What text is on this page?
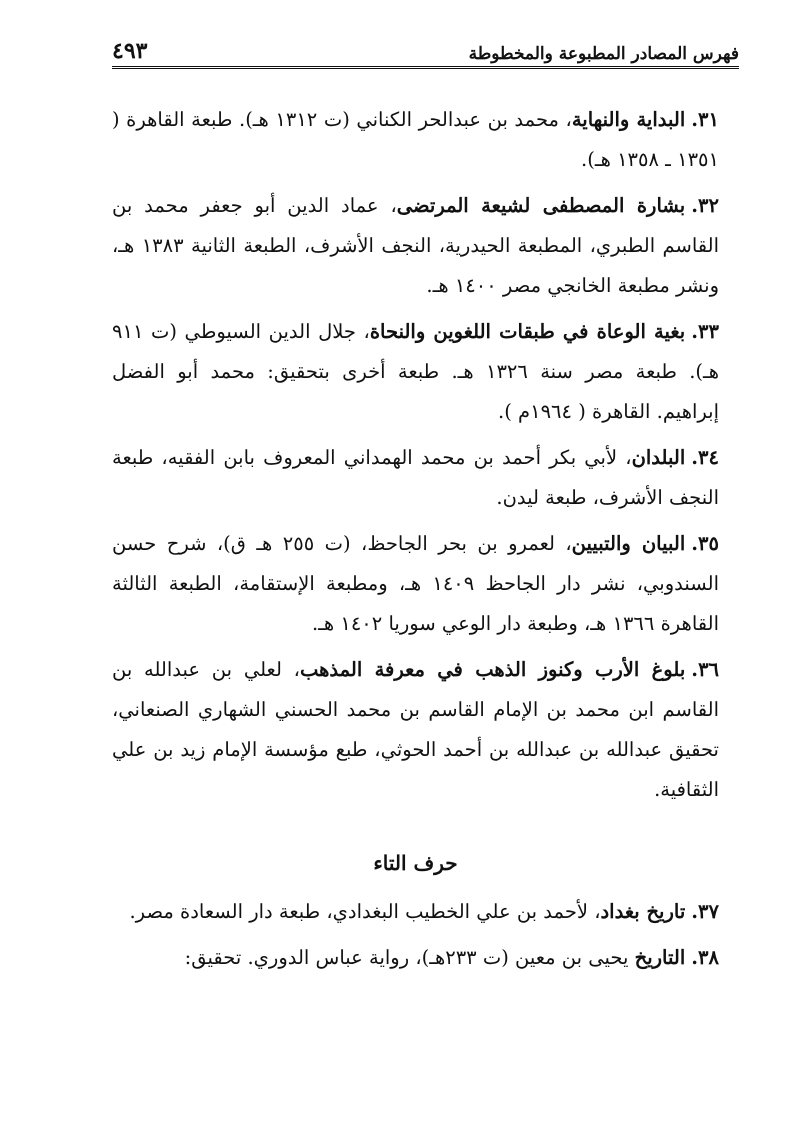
فهرس المصادر المطبوعة والمخطوطة
٤٩٣

٣١.البداية والنهاية، محمد بن عبدالحر الكناني (ت ١٣١٢ هـ). طبعة القاهرة ( ١٣٥١ ـ ١٣٥٨ هـ).

٣٢.بشارة المصطفى لشيعة المرتضى، عماد الدين أبو جعفر محمد بن القاسم الطبري، المطبعة الحيدرية، النجف الأشرف، الطبعة الثانية ١٣٨٣ هـ، ونشر مطبعة الخانجي مصر ١٤٠٠ هـ.

٣٣.بغية الوعاة في طبقات اللغوين والنحاة، جلال الدين السيوطي (ت ٩١١ هـ). طبعة مصر سنة ١٣٢٦ هـ. طبعة أخرى بتحقيق: محمد أبو الفضل إبراهيم. القاهرة ( ١٩٦٤م ).

٣٤.البلدان، لأبي بكر أحمد بن محمد الهمداني المعروف بابن الفقيه، طبعة النجف الأشرف، طبعة ليدن.

٣٥.البيان والتبيين، لعمرو بن بحر الجاحظ، (ت ٢٥٥ هـ ق)، شرح حسن السندوبي، نشر دار الجاحظ ١٤٠٩ هـ، ومطبعة الإستقامة، الطبعة الثالثة القاهرة ١٣٦٦ هـ، وطبعة دار الوعي سوريا ١٤٠٢ هـ.

٣٦.بلوغ الأرب وكنوز الذهب في معرفة المذهب، لعلي بن عبدالله بن القاسم ابن محمد بن الإمام القاسم بن محمد الحسني الشهاري الصنعاني، تحقيق عبدالله بن عبدالله بن أحمد الحوثي، طبع مؤسسة الإمام زيد بن علي الثقافية.

حرف التاء

٣٧.تاريخ بغداد، لأحمد بن علي الخطيب البغدادي، طبعة دار السعادة مصر.

٣٨.التاريخ يحيى بن معين (ت ٢٣٣هـ)، رواية عباس الدوري. تحقيق:
